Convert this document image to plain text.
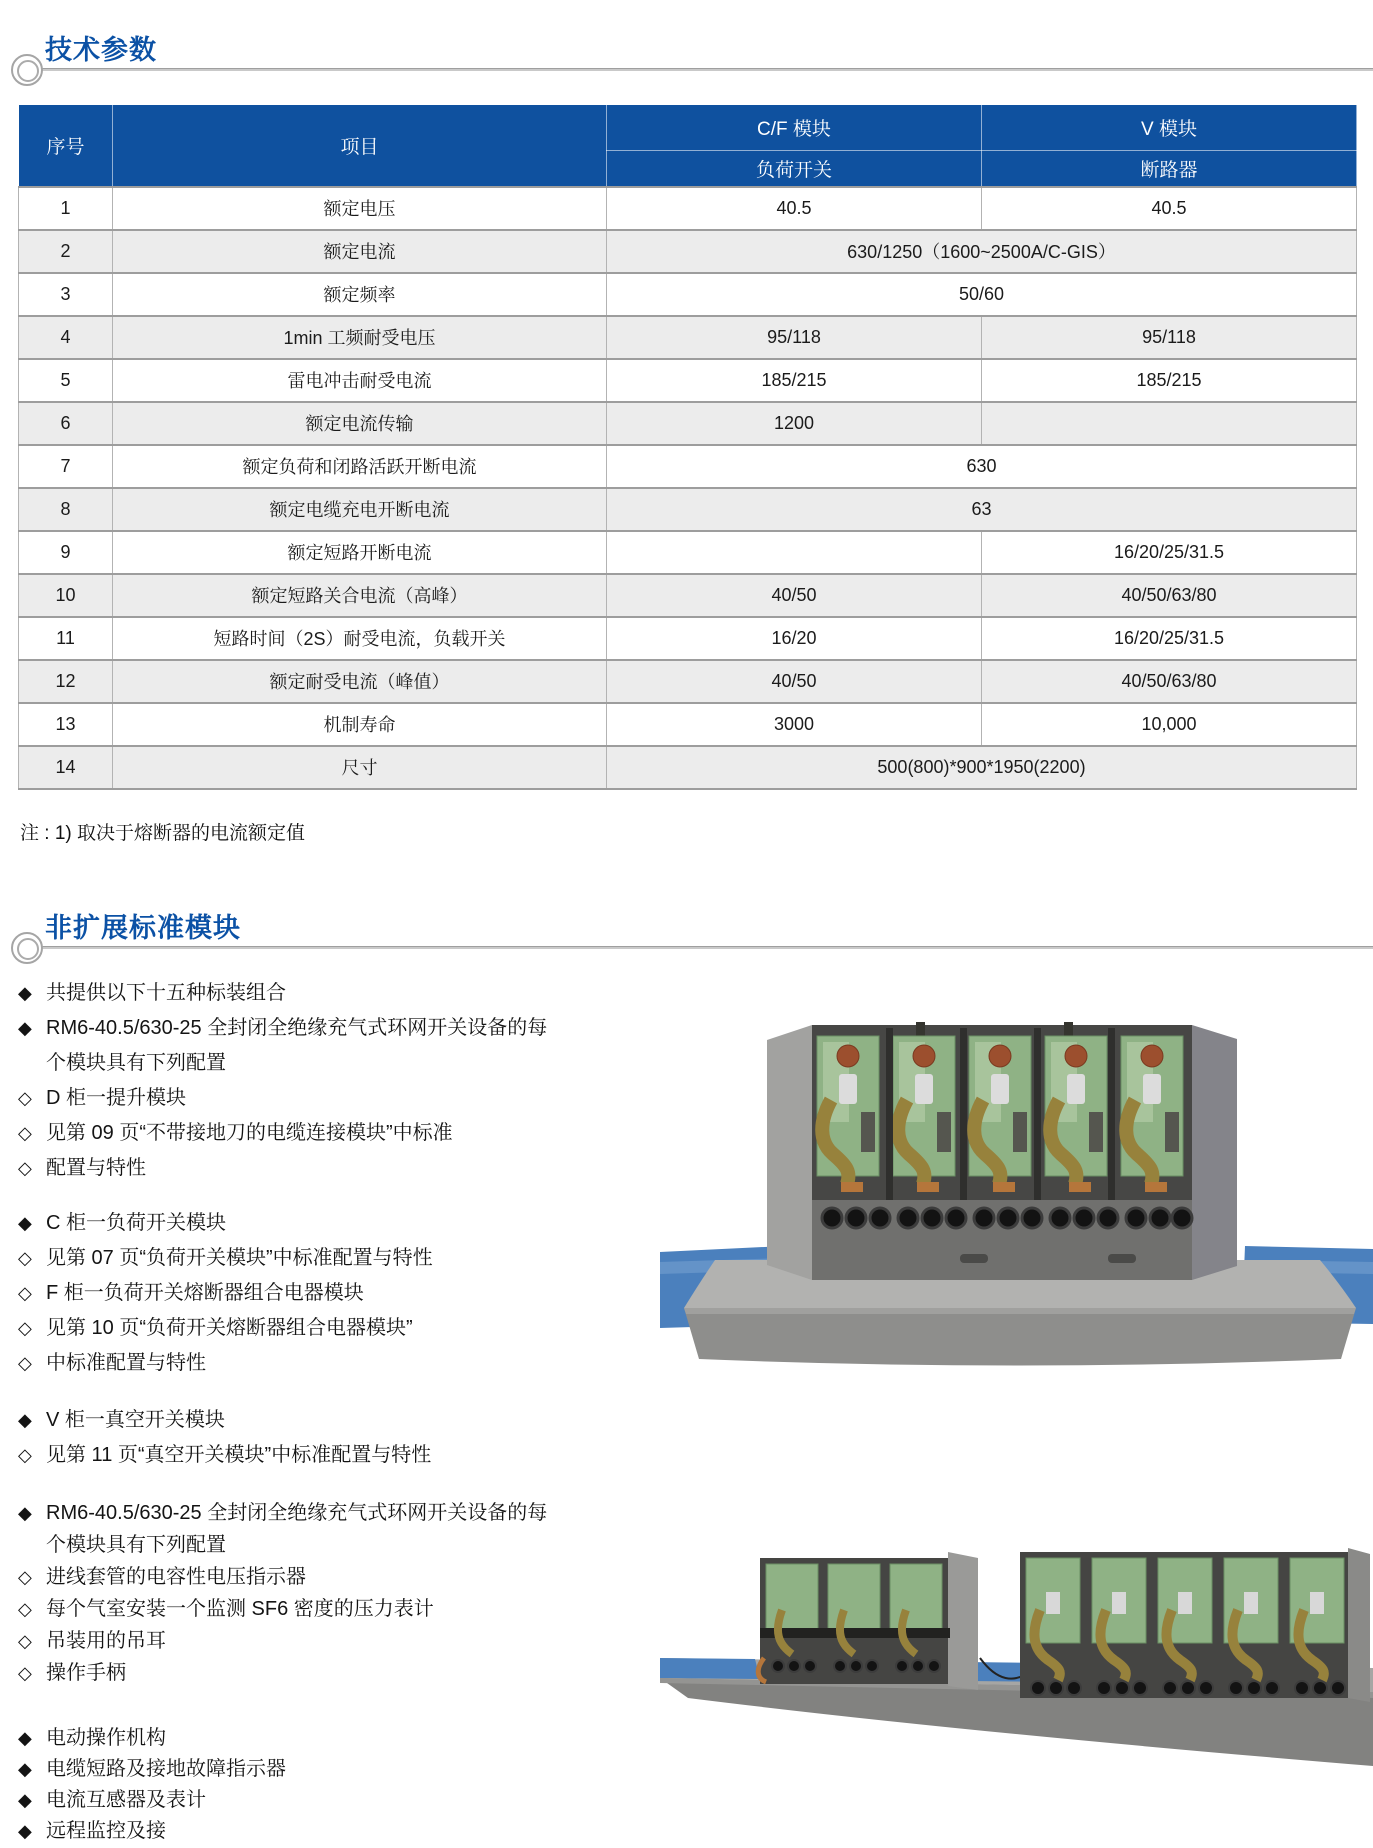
技术参数
序号	项目	C/F 模块	V 模块
		负荷开关	断路器
1	额定电压	40.5	40.5
2	额定电流	630/1250（1600~2500A/C-GIS）	
3	额定频率	50/60	
4	1min 工频耐受电压	95/118	95/118
5	雷电冲击耐受电流	185/215	185/215
6	额定电流传输	1200	
7	额定负荷和闭路活跃开断电流	630	
8	额定电缆充电开断电流	63	
9	额定短路开断电流		16/20/25/31.5
10	额定短路关合电流（高峰）	40/50	40/50/63/80
11	短路时间（2S）耐受电流，负载开关	16/20	16/20/25/31.5
12	额定耐受电流（峰值）	40/50	40/50/63/80
13	机制寿命	3000	10,000
14	尺寸	500(800)*900*1950(2200)	
注 : 1) 取决于熔断器的电流额定值
非扩展标准模块
◆ 共提供以下十五种标装组合
◆ RM6-40.5/630-25 全封闭全绝缘充气式环网开关设备的每
个模块具有下列配置
◇ D 柜一提升模块
◇ 见第 09 页“不带接地刀的电缆连接模块”中标准
◇ 配置与特性
◆ C 柜一负荷开关模块
◇ 见第 07 页“负荷开关模块”中标准配置与特性
◇ F 柜一负荷开关熔断器组合电器模块
◇ 见第 10 页“负荷开关熔断器组合电器模块”
◇ 中标准配置与特性
◆ V 柜一真空开关模块
◇ 见第 11 页“真空开关模块”中标准配置与特性
◆ RM6-40.5/630-25 全封闭全绝缘充气式环网开关设备的每
个模块具有下列配置
◇ 进线套管的电容性电压指示器
◇ 每个气室安装一个监测 SF6 密度的压力表计
◇ 吊装用的吊耳
◇ 操作手柄
◆ 电动操作机构
◆ 电缆短路及接地故障指示器
◆ 电流互感器及表计
◆ 远程监控及接
